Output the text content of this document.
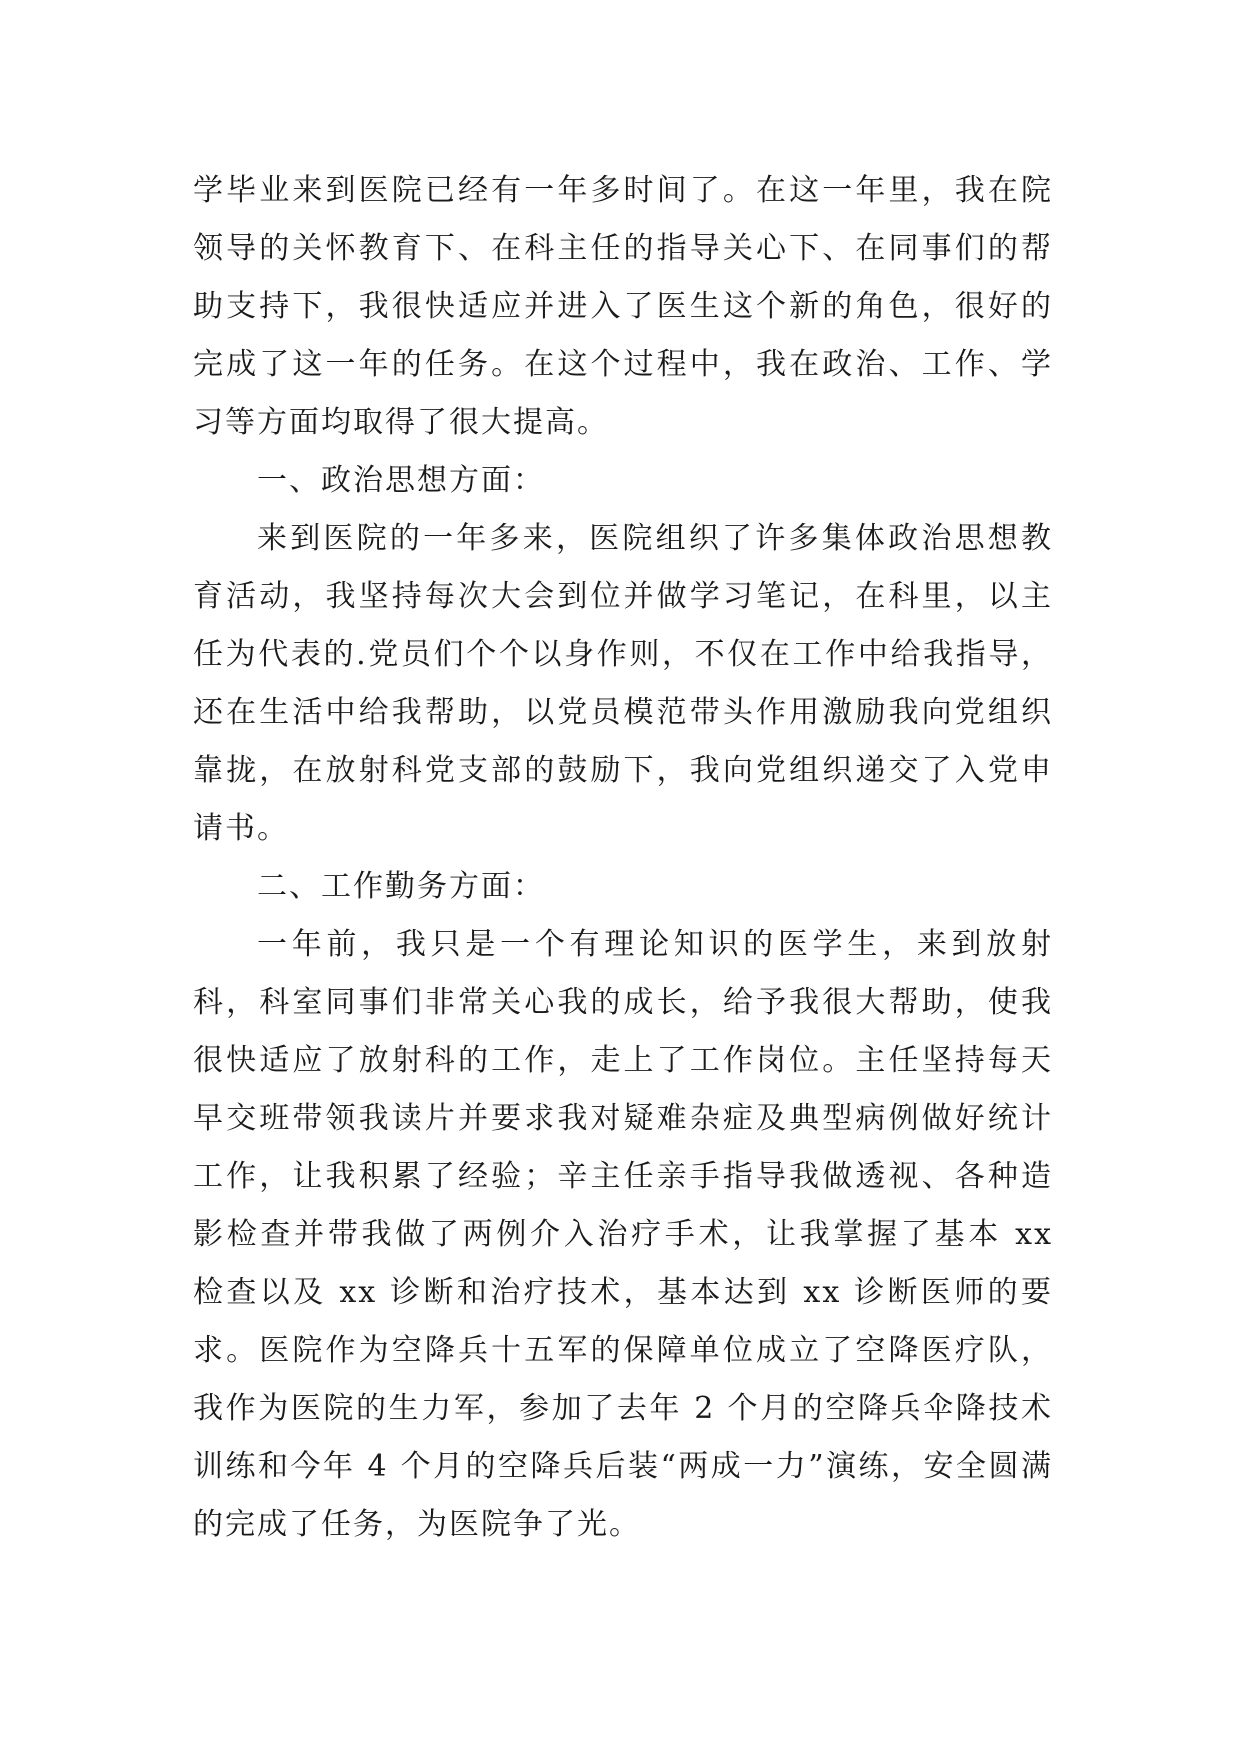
学毕业来到医院已经有一年多时间了。在这一年里，我在院领导的关怀教育下、在科主任的指导关心下、在同事们的帮助支持下，我很快适应并进入了医生这个新的角色，很好的完成了这一年的任务。在这个过程中，我在政治、工作、学习等方面均取得了很大提高。

一、政治思想方面：

来到医院的一年多来，医院组织了许多集体政治思想教育活动，我坚持每次大会到位并做学习笔记，在科里，以主任为代表的.党员们个个以身作则，不仅在工作中给我指导，还在生活中给我帮助，以党员模范带头作用激励我向党组织靠拢，在放射科党支部的鼓励下，我向党组织递交了入党申请书。

二、工作勤务方面：

一年前，我只是一个有理论知识的医学生，来到放射科，科室同事们非常关心我的成长，给予我很大帮助，使我很快适应了放射科的工作，走上了工作岗位。主任坚持每天早交班带领我读片并要求我对疑难杂症及典型病例做好统计工作，让我积累了经验；辛主任亲手指导我做透视、各种造影检查并带我做了两例介入治疗手术，让我掌握了基本 xx 检查以及 xx 诊断和治疗技术，基本达到 xx 诊断医师的要求。医院作为空降兵十五军的保障单位成立了空降医疗队，我作为医院的生力军，参加了去年 2 个月的空降兵伞降技术训练和今年 4 个月的空降兵后装“两成一力”演练，安全圆满的完成了任务，为医院争了光。
